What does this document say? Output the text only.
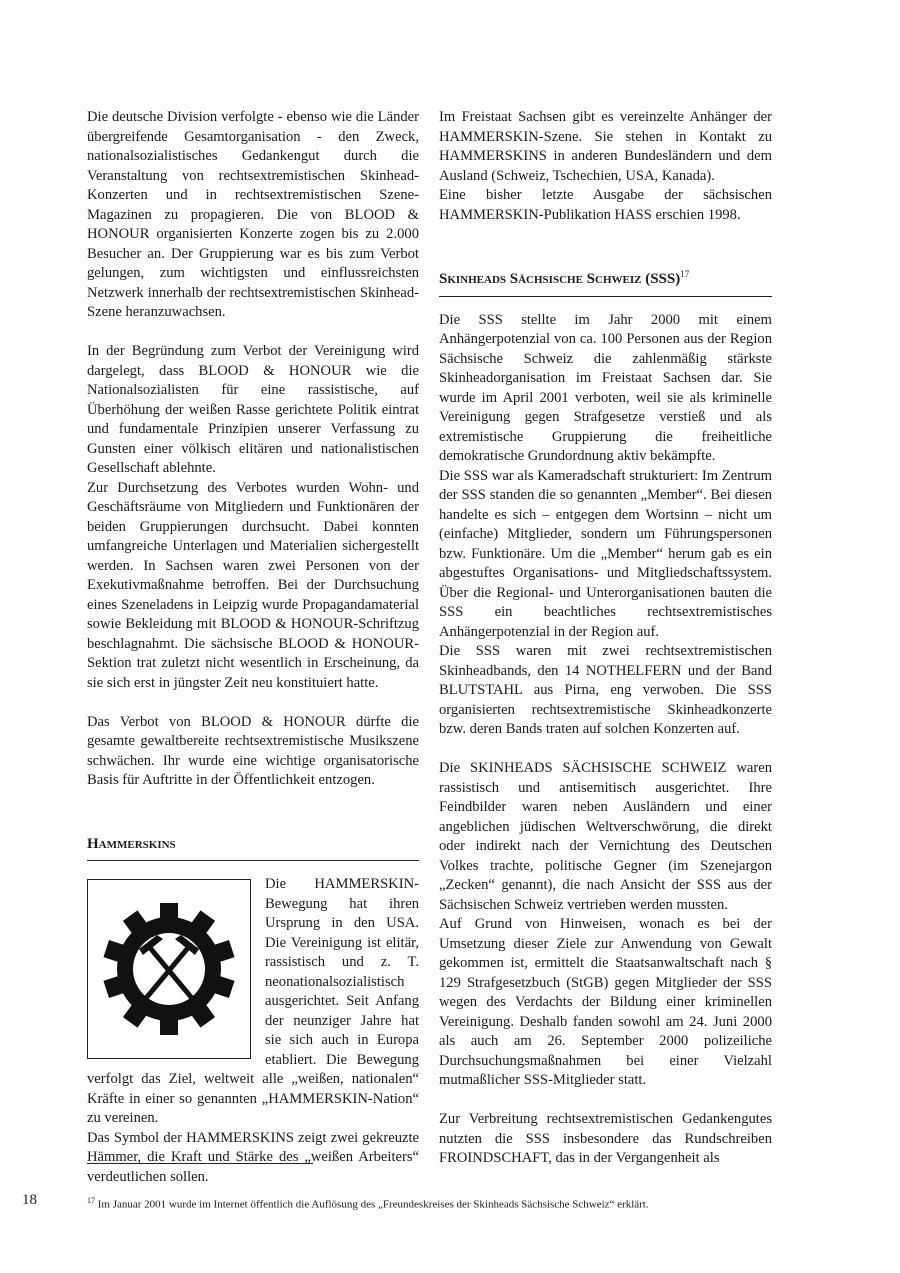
Die deutsche Division verfolgte - ebenso wie die Länder übergreifende Gesamtorganisation - den Zweck, nationalsozialistisches Gedankengut durch die Veranstaltung von rechtsextremistischen Skinhead-Konzerten und in rechtsextremistischen Szene-Magazinen zu propagieren. Die von BLOOD & HONOUR organisierten Konzerte zogen bis zu 2.000 Besucher an. Der Gruppierung war es bis zum Verbot gelungen, zum wichtigsten und einflussreichsten Netzwerk innerhalb der rechtsextremistischen Skinhead-Szene heranzuwachsen.

In der Begründung zum Verbot der Vereinigung wird dargelegt, dass BLOOD & HONOUR wie die Nationalsozialisten für eine rassistische, auf Überhöhung der weißen Rasse gerichtete Politik eintrat und fundamentale Prinzipien unserer Verfassung zu Gunsten einer völkisch elitären und nationalistischen Gesellschaft ablehnte.

Zur Durchsetzung des Verbotes wurden Wohn- und Geschäftsräume von Mitgliedern und Funktionären der beiden Gruppierungen durchsucht. Dabei konnten umfangreiche Unterlagen und Materialien sichergestellt werden. In Sachsen waren zwei Personen von der Exekutivmaßnahme betroffen. Bei der Durchsuchung eines Szeneladens in Leipzig wurde Propagandamaterial sowie Bekleidung mit BLOOD & HONOUR-Schriftzug beschlagnahmt. Die sächsische BLOOD & HONOUR-Sektion trat zuletzt nicht wesentlich in Erscheinung, da sie sich erst in jüngster Zeit neu konstituiert hatte.

Das Verbot von BLOOD & HONOUR dürfte die gesamte gewaltbereite rechtsextremistische Musikszene schwächen. Ihr wurde eine wichtige organisatorische Basis für Auftritte in der Öffentlichkeit entzogen.

Hammerskins

Die HAMMERSKIN-Bewegung hat ihren Ursprung in den USA. Die Vereinigung ist elitär, rassistisch und z. T. neonationalsozialistisch ausgerichtet. Seit Anfang der neunziger Jahre hat sie sich auch in Europa etabliert. Die Bewegung verfolgt das Ziel, weltweit alle „weißen, nationalen“ Kräfte in einer so genannten „HAMMERSKIN-Nation“ zu vereinen.

Das Symbol der HAMMERSKINS zeigt zwei gekreuzte Hämmer, die Kraft und Stärke des „weißen Arbeiters“ verdeutlichen sollen.

Im Freistaat Sachsen gibt es vereinzelte Anhänger der HAMMERSKIN-Szene. Sie stehen in Kontakt zu HAMMERSKINS in anderen Bundesländern und dem Ausland (Schweiz, Tschechien, USA, Kanada).

Eine bisher letzte Ausgabe der sächsischen HAMMERSKIN-Publikation HASS erschien 1998.

Skinheads Sächsische Schweiz (SSS)$^{17}$

Die SSS stellte im Jahr 2000 mit einem Anhängerpotenzial von ca. 100 Personen aus der Region Sächsische Schweiz die zahlenmäßig stärkste Skinheadorganisation im Freistaat Sachsen dar. Sie wurde im April 2001 verboten, weil sie als kriminelle Vereinigung gegen Strafgesetze verstieß und als extremistische Gruppierung die freiheitliche demokratische Grundordnung aktiv bekämpfte.

Die SSS war als Kameradschaft strukturiert: Im Zentrum der SSS standen die so genannten „Member“. Bei diesen handelte es sich – entgegen dem Wortsinn – nicht um (einfache) Mitglieder, sondern um Führungspersonen bzw. Funktionäre. Um die „Member“ herum gab es ein abgestuftes Organisations- und Mitgliedschaftssystem. Über die Regional- und Unterorganisationen bauten die SSS ein beachtliches rechtsextremistisches Anhängerpotenzial in der Region auf.

Die SSS waren mit zwei rechtsextremistischen Skinheadbands, den 14 NOTHELFERN und der Band BLUTSTAHL aus Pirna, eng verwoben. Die SSS organisierten rechtsextremistische Skinheadkonzerte bzw. deren Bands traten auf solchen Konzerten auf.

Die SKINHEADS SÄCHSISCHE SCHWEIZ waren rassistisch und antisemitisch ausgerichtet. Ihre Feindbilder waren neben Ausländern und einer angeblichen jüdischen Weltverschwörung, die direkt oder indirekt nach der Vernichtung des Deutschen Volkes trachte, politische Gegner (im Szenejargon „Zecken“ genannt), die nach Ansicht der SSS aus der Sächsischen Schweiz vertrieben werden mussten.

Auf Grund von Hinweisen, wonach es bei der Umsetzung dieser Ziele zur Anwendung von Gewalt gekommen ist, ermittelt die Staatsanwaltschaft nach § 129 Strafgesetzbuch (StGB) gegen Mitglieder der SSS wegen des Verdachts der Bildung einer kriminellen Vereinigung. Deshalb fanden sowohl am 24. Juni 2000 als auch am 26. September 2000 polizeiliche Durchsuchungsmaßnahmen bei einer Vielzahl mutmaßlicher SSS-Mitglieder statt.

Zur Verbreitung rechtsextremistischen Gedankengutes nutzten die SSS insbesondere das Rundschreiben FROINDSCHAFT, das in der Vergangenheit als

18	$^{17}$ Im Januar 2001 wurde im Internet öffentlich die Auflösung des „Freundeskreises der Skinheads Sächsische Schweiz“ erklärt.
